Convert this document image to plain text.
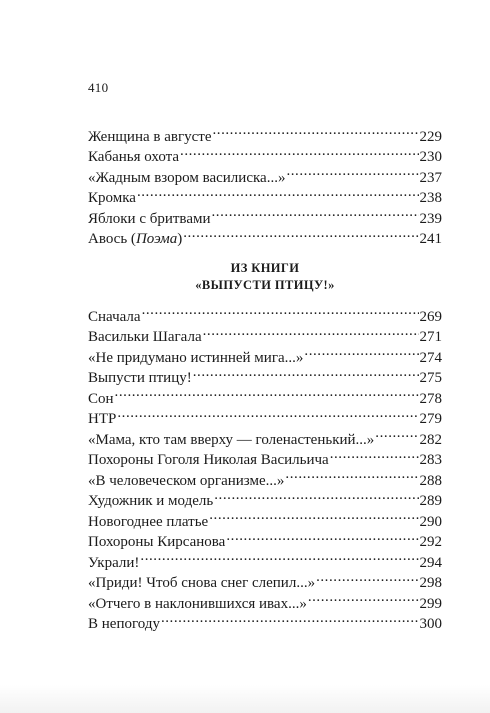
410
Женщина в августе . . .	229
Кабанья охота . . .	230
«Жадным взором василиска...» . . .	237
Кромка . . .	238
Яблоки с бритвами . . .	239
Авось (Поэма) . . .	241
ИЗ КНИГИ
«ВЫПУСТИ ПТИЦУ!»
Сначала . . .	269
Васильки Шагала . . .	271
«Не придумано истинней мига...» . . .	274
Выпусти птицу! . . .	275
Сон . . .	278
НТР . . .	279
«Мама, кто там вверху — голенастенький...» . . .	282
Похороны Гоголя Николая Васильича . . .	283
«В человеческом организме...» . . .	288
Художник и модель . . .	289
Новогоднее платье . . .	290
Похороны Кирсанова . . .	292
Украли! . . .	294
«Приди! Чтоб снова снег слепил...» . . .	298
«Отчего в наклонившихся ивах...» . . .	299
В непогоду . . .	300
